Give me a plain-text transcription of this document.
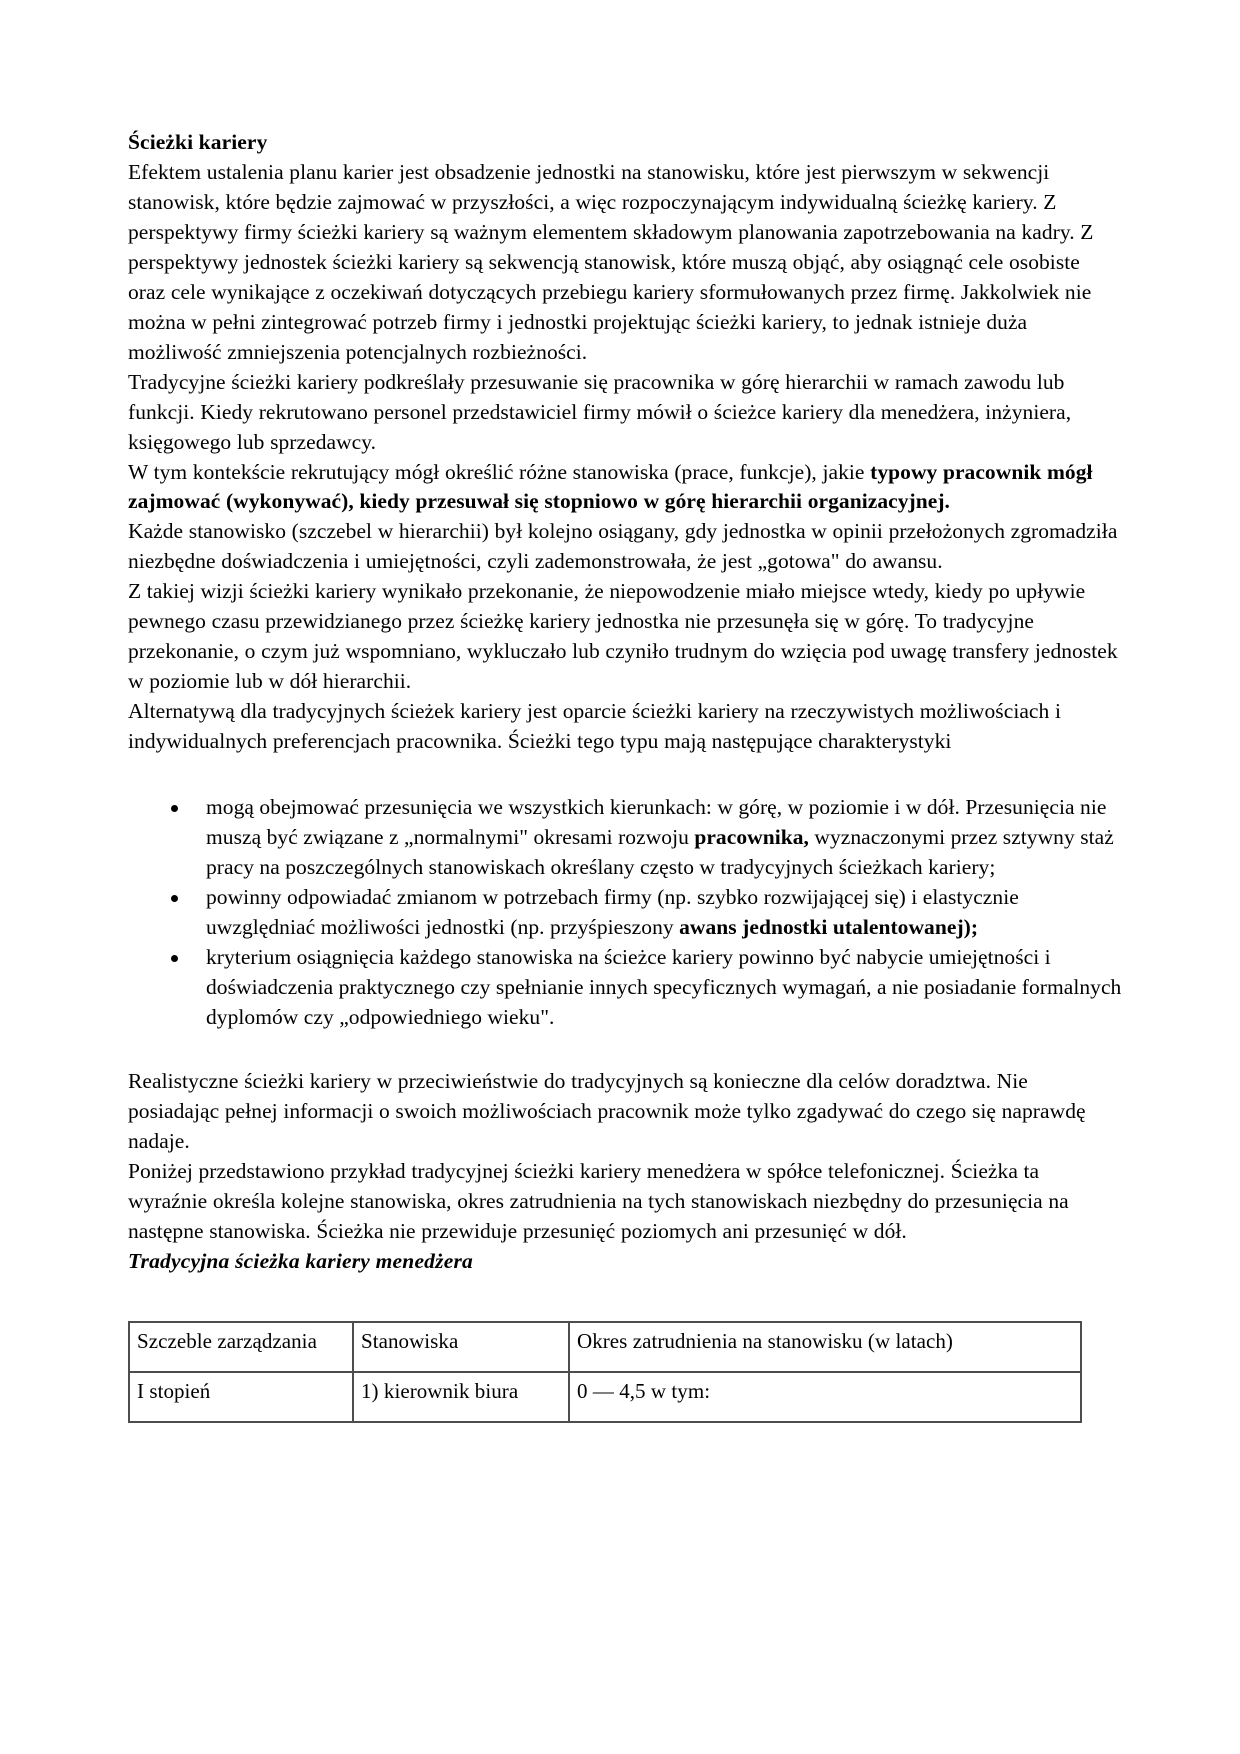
Ścieżki kariery

Efektem ustalenia planu karier jest obsadzenie jednostki na stanowisku, które jest pierwszym w sekwencji stanowisk, które będzie zajmować w przyszłości, a więc rozpoczynającym indywidualną ścieżkę kariery. Z perspektywy firmy ścieżki kariery są ważnym elementem składowym planowania zapotrzebowania na kadry. Z perspektywy jednostek ścieżki kariery są sekwencją stanowisk, które muszą objąć, aby osiągnąć cele osobiste oraz cele wynikające z oczekiwań dotyczących przebiegu kariery sformułowanych przez firmę. Jakkolwiek nie można w pełni zintegrować potrzeb firmy i jednostki projektując ścieżki kariery, to jednak istnieje duża możliwość zmniejszenia potencjalnych rozbieżności.

Tradycyjne ścieżki kariery podkreślały przesuwanie się pracownika w górę hierarchii w ramach zawodu lub funkcji. Kiedy rekrutowano personel przedstawiciel firmy mówił o ścieżce kariery dla menedżera, inżyniera, księgowego lub sprzedawcy.

W tym kontekście rekrutujący mógł określić różne stanowiska (prace, funkcje), jakie typowy pracownik mógł zajmować (wykonywać), kiedy przesuwał się stopniowo w górę hierarchii organizacyjnej.

Każde stanowisko (szczebel w hierarchii) był kolejno osiągany, gdy jednostka w opinii przełożonych zgromadziła niezbędne doświadczenia i umiejętności, czyli zademonstrowała, że jest „gotowa" do awansu.

Z takiej wizji ścieżki kariery wynikało przekonanie, że niepowodzenie miało miejsce wtedy, kiedy po upływie pewnego czasu przewidzianego przez ścieżkę kariery jednostka nie przesunęła się w górę. To tradycyjne przekonanie, o czym już wspomniano, wykluczało lub czyniło trudnym do wzięcia pod uwagę transfery jednostek w poziomie lub w dół hierarchii.

Alternatywą dla tradycyjnych ścieżek kariery jest oparcie ścieżki kariery na rzeczywistych możliwościach i indywidualnych preferencjach pracownika. Ścieżki tego typu mają następujące charakterystyki

mogą obejmować przesunięcia we wszystkich kierunkach: w górę, w poziomie i w dół. Przesunięcia nie muszą być związane z „normalnymi" okresami rozwoju pracownika, wyznaczonymi przez sztywny staż pracy na poszczególnych stanowiskach określany często w tradycyjnych ścieżkach kariery;
powinny odpowiadać zmianom w potrzebach firmy (np. szybko rozwijającej się) i elastycznie uwzględniać możliwości jednostki (np. przyśpieszony awans jednostki utalentowanej);
kryterium osiągnięcia każdego stanowiska na ścieżce kariery powinno być nabycie umiejętności i doświadczenia praktycznego czy spełnianie innych specyficznych wymagań, a nie posiadanie formalnych dyplomów czy „odpowiedniego wieku".

Realistyczne ścieżki kariery w przeciwieństwie do tradycyjnych są konieczne dla celów doradztwa. Nie posiadając pełnej informacji o swoich możliwościach pracownik może tylko zgadywać do czego się naprawdę nadaje.

Poniżej przedstawiono przykład tradycyjnej ścieżki kariery menedżera w spółce telefonicznej. Ścieżka ta wyraźnie określa kolejne stanowiska, okres zatrudnienia na tych stanowiskach niezbędny do przesunięcia na następne stanowiska. Ścieżka nie przewiduje przesunięć poziomych ani przesunięć w dół.

Tradycyjna ścieżka kariery menedżera
Szczeble zarządzania	Stanowiska	Okres zatrudnienia na stanowisku (w latach)
I stopień	1) kierownik biura	0 — 4,5 w tym:
